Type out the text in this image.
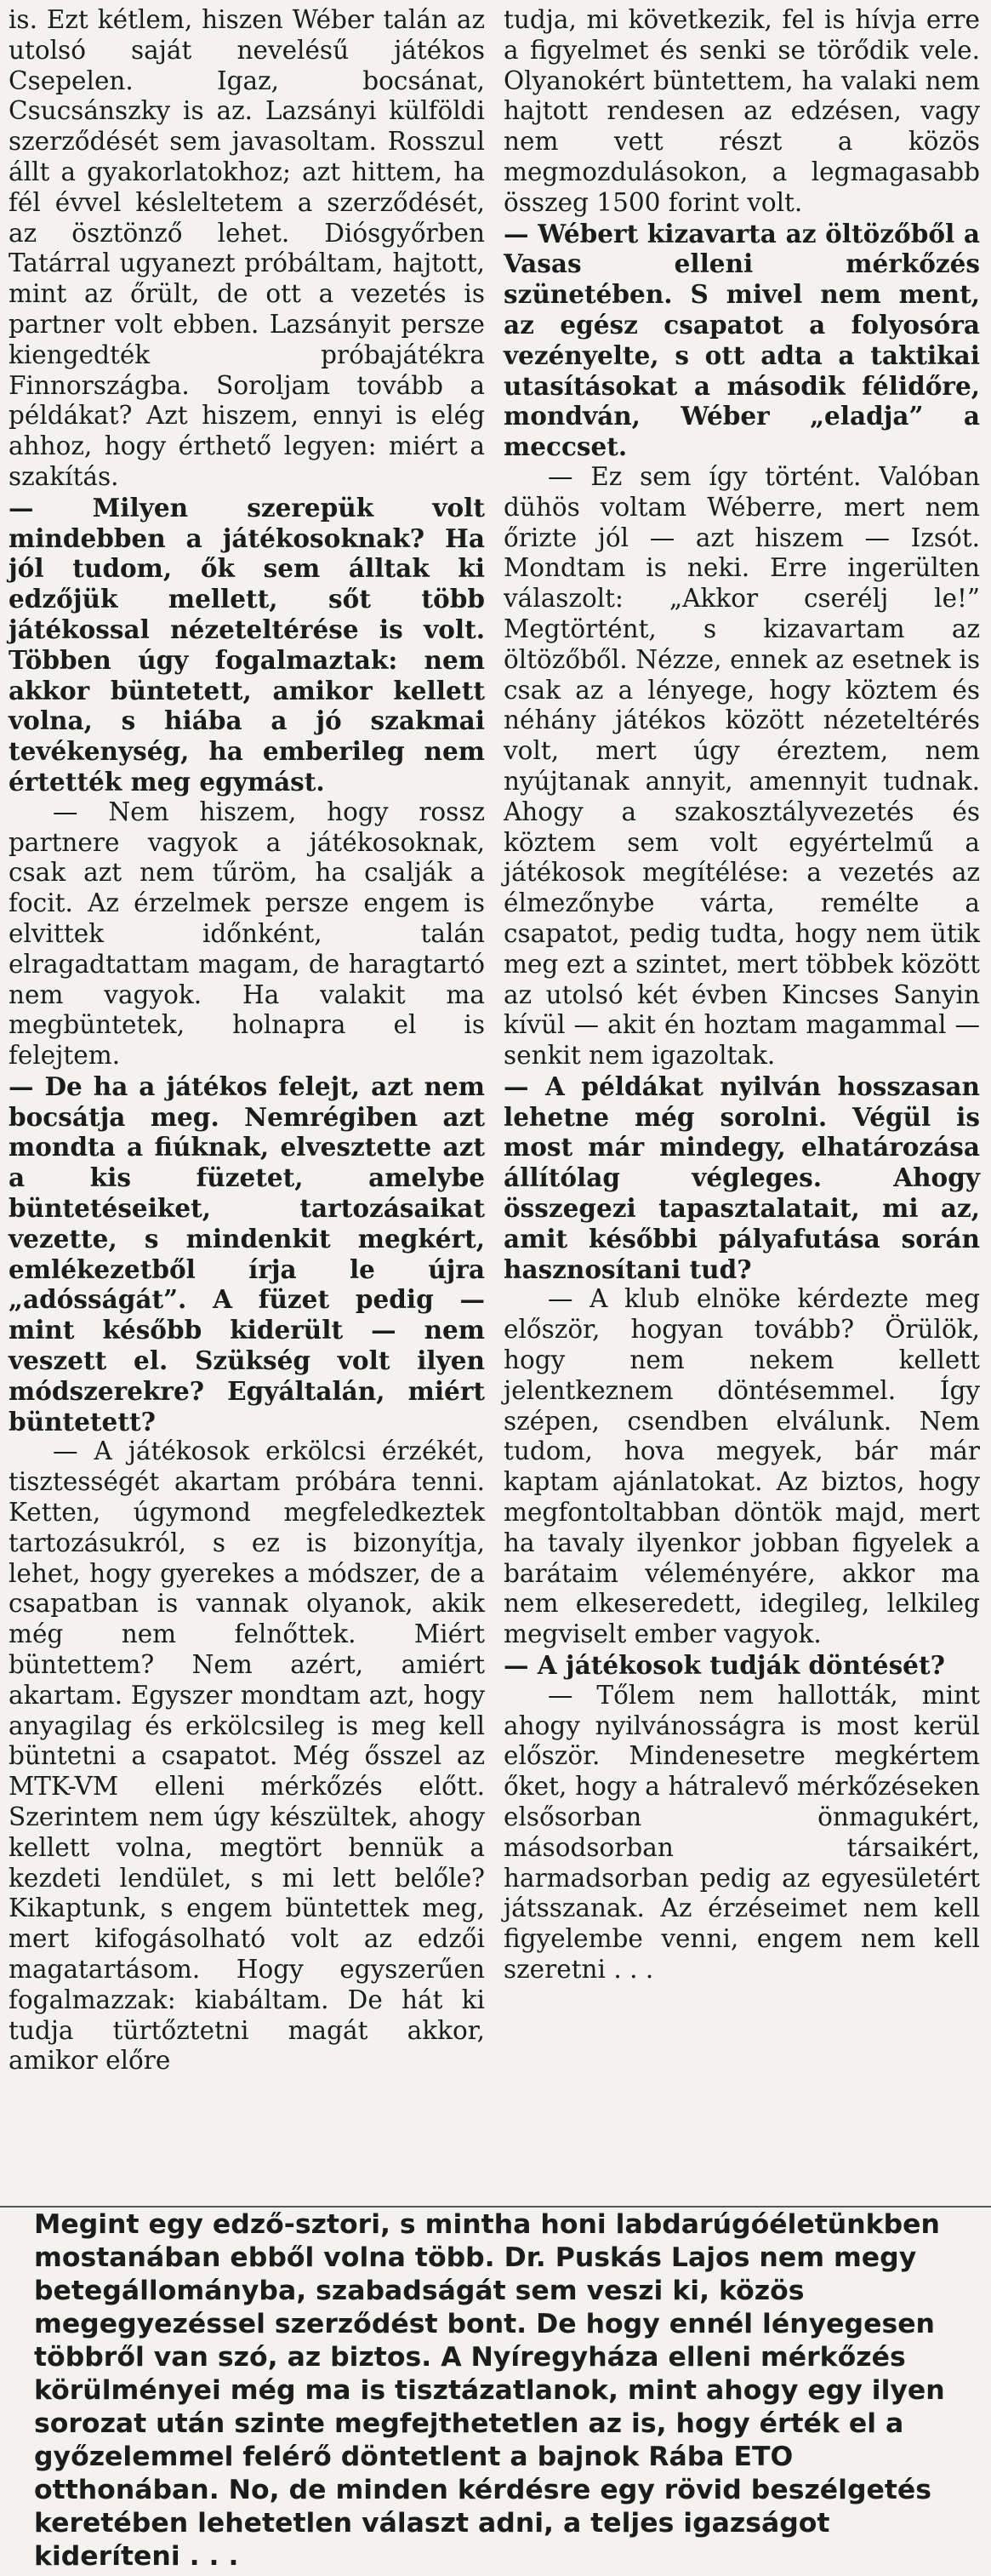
is. Ezt kétlem, hiszen Wéber talán az utolsó saját nevelésű játékos Csepelen. Igaz, bocsánat, Csucsánszky is az. Lazsányi külföldi szerződését sem javasoltam. Rosszul állt a gyakorlatokhoz; azt hittem, ha fél évvel késleltetem a szerződését, az ösztönző lehet. Diósgyőrben Tatárral ugyanezt próbáltam, hajtott, mint az őrült, de ott a vezetés is partner volt ebben. Lazsányit persze kiengedték próbajátékra Finnországba. Soroljam tovább a példákat? Azt hiszem, ennyi is elég ahhoz, hogy érthető legyen: miért a szakítás.

— Milyen szerepük volt mindebben a játékosoknak? Ha jól tudom, ők sem álltak ki edzőjük mellett, sőt több játékossal nézeteltérése is volt. Többen úgy fogalmaztak: nem akkor büntetett, amikor kellett volna, s hiába a jó szakmai tevékenység, ha emberileg nem értették meg egymást.

— Nem hiszem, hogy rossz partnere vagyok a játékosoknak, csak azt nem tűröm, ha csalják a focit. Az érzelmek persze engem is elvittek időnként, talán elragadtattam magam, de haragtartó nem vagyok. Ha valakit ma megbüntetek, holnapra el is felejtem.

— De ha a játékos felejt, azt nem bocsátja meg. Nemrégiben azt mondta a fiúknak, elvesztette azt a kis füzetet, amelybe büntetéseiket, tartozásaikat vezette, s mindenkit megkért, emlékezetből írja le újra „adósságát”. A füzet pedig — mint később kiderült — nem veszett el. Szükség volt ilyen módszerekre? Egyáltalán, miért büntetett?

— A játékosok erkölcsi érzékét, tisztességét akartam próbára tenni. Ketten, úgymond megfeledkeztek tartozásukról, s ez is bizonyítja, lehet, hogy gyerekes a módszer, de a csapatban is vannak olyanok, akik még nem felnőttek. Miért büntettem? Nem azért, amiért akartam. Egyszer mondtam azt, hogy anyagilag és erkölcsileg is meg kell büntetni a csapatot. Még ősszel az MTK-VM elleni mérkőzés előtt. Szerintem nem úgy készültek, ahogy kellett volna, megtört bennük a kezdeti lendület, s mi lett belőle? Kikaptunk, s engem büntettek meg, mert kifogásolható volt az edzői magatartásom. Hogy egyszerűen fogalmazzak: kiabáltam. De hát ki tudja türtőztetni magát akkor, amikor előre

tudja, mi következik, fel is hívja erre a figyelmet és senki se törődik vele. Olyanokért büntettem, ha valaki nem hajtott rendesen az edzésen, vagy nem vett részt a közös megmozdulásokon, a legmagasabb összeg 1500 forint volt.

— Wébert kizavarta az öltözőből a Vasas elleni mérkőzés szünetében. S mivel nem ment, az egész csapatot a folyosóra vezényelte, s ott adta a taktikai utasításokat a második félidőre, mondván, Wéber „eladja” a meccset.

— Ez sem így történt. Valóban dühös voltam Wéberre, mert nem őrizte jól — azt hiszem — Izsót. Mondtam is neki. Erre ingerülten válaszolt: „Akkor cserélj le!” Megtörtént, s kizavartam az öltözőből. Nézze, ennek az esetnek is csak az a lényege, hogy köztem és néhány játékos között nézeteltérés volt, mert úgy éreztem, nem nyújtanak annyit, amennyit tudnak. Ahogy a szakosztályvezetés és köztem sem volt egyértelmű a játékosok megítélése: a vezetés az élmezőnybe várta, remélte a csapatot, pedig tudta, hogy nem ütik meg ezt a szintet, mert többek között az utolsó két évben Kincses Sanyin kívül — akit én hoztam magammal — senkit nem igazoltak.

— A példákat nyilván hosszasan lehetne még sorolni. Végül is most már mindegy, elhatározása állítólag végleges. Ahogy összegezi tapasztalatait, mi az, amit későbbi pályafutása során hasznosítani tud?

— A klub elnöke kérdezte meg először, hogyan tovább? Örülök, hogy nem nekem kellett jelentkeznem döntésemmel. Így szépen, csendben elválunk. Nem tudom, hova megyek, bár már kaptam ajánlatokat. Az biztos, hogy megfontoltabban döntök majd, mert ha tavaly ilyenkor jobban figyelek a barátaim véleményére, akkor ma nem elkeseredett, idegileg, lelkileg megviselt ember vagyok.

— A játékosok tudják döntését?

— Tőlem nem hallották, mint ahogy nyilvánosságra is most kerül először. Mindenesetre megkértem őket, hogy a hátralevő mérkőzéseken elsősorban önmagukért, másodsorban társaikért, harmadsorban pedig az egyesületért játsszanak. Az érzéseimet nem kell figyelembe venni, engem nem kell szeretni . . .

Megint egy edző-sztori, s mintha honi labdarúgóéletünkben mostanában ebből volna több. Dr. Puskás Lajos nem megy betegállományba, szabadságát sem veszi ki, közös megegyezéssel szerződést bont. De hogy ennél lényegesen többről van szó, az biztos. A Nyíregyháza elleni mérkőzés körülményei még ma is tisztázatlanok, mint ahogy egy ilyen sorozat után szinte megfejthetetlen az is, hogy érték el a győzelemmel felérő döntetlent a bajnok Rába ETO otthonában. No, de minden kérdésre egy rövid beszélgetés keretében lehetetlen választ adni, a teljes igazságot kideríteni . . .
